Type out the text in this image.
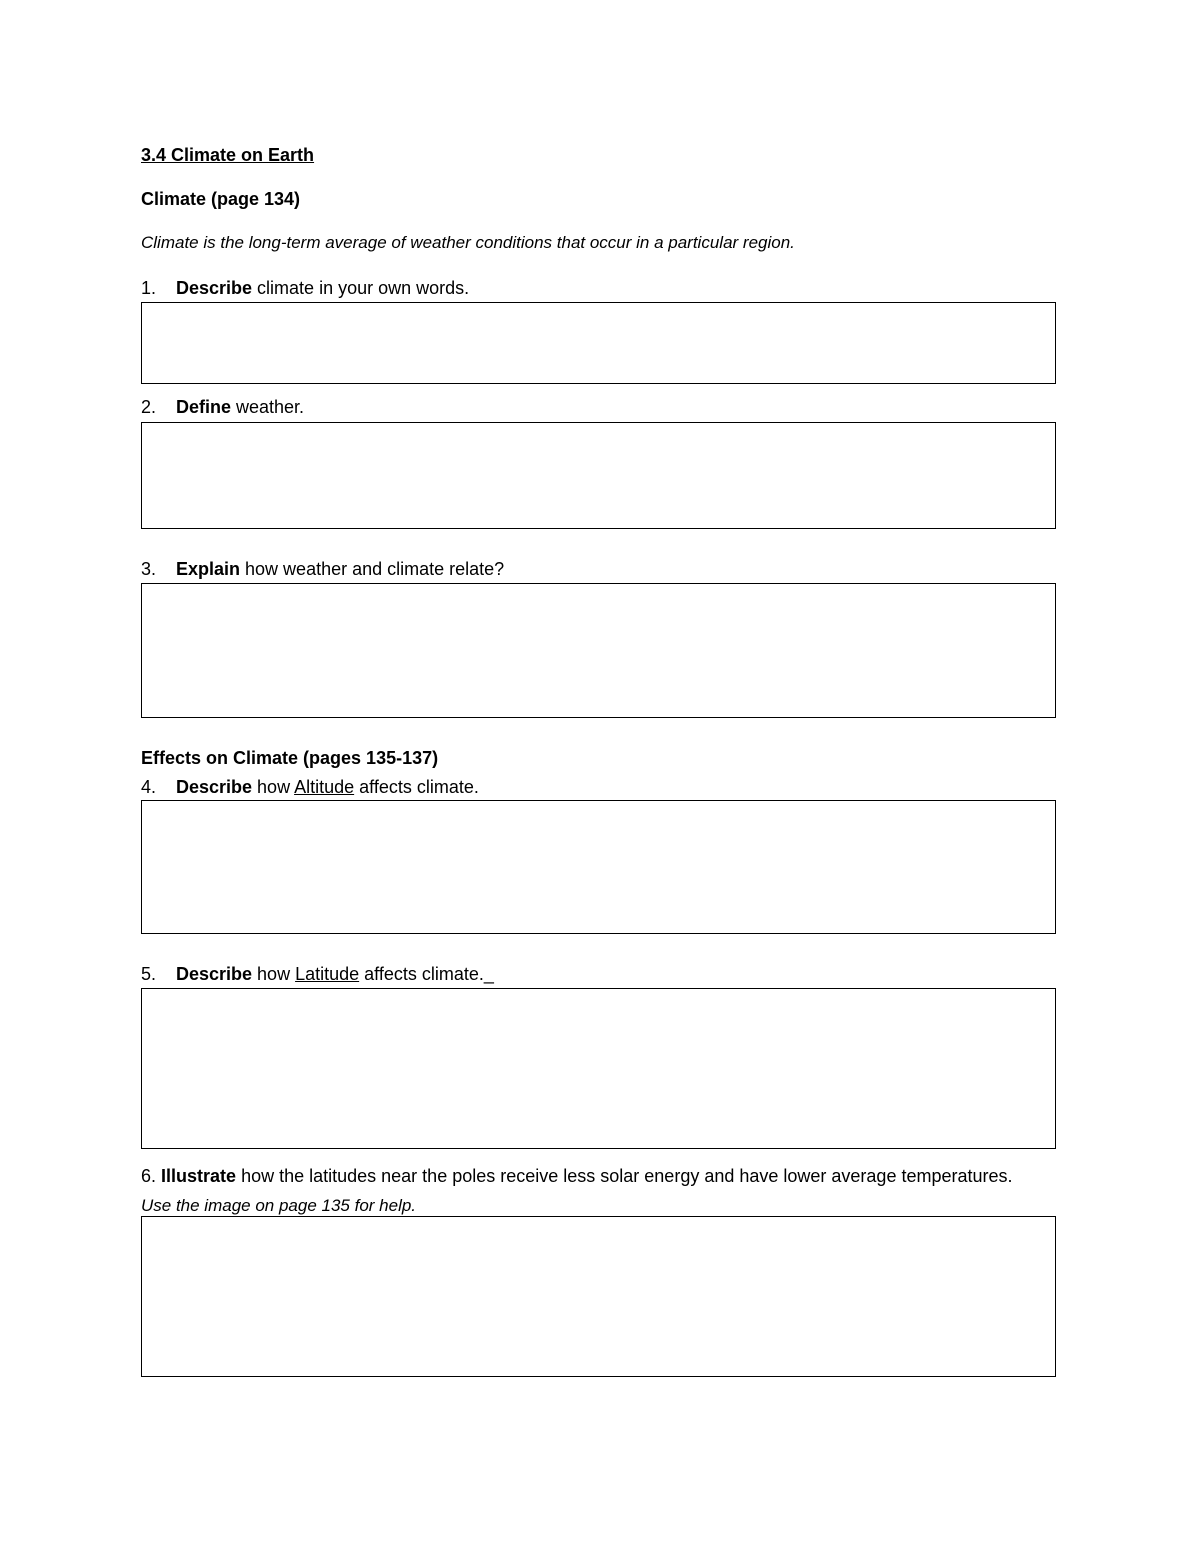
3.4 Climate on Earth
Climate (page 134)
Climate is the long-term average of weather conditions that occur in a particular region.
1. Describe climate in your own words.
2. Define weather.
3. Explain how weather and climate relate?
Effects on Climate (pages 135-137)
4. Describe how Altitude affects climate.
5. Describe how Latitude affects climate._
6. Illustrate how the latitudes near the poles receive less solar energy and have lower average temperatures. Use the image on page 135 for help.
